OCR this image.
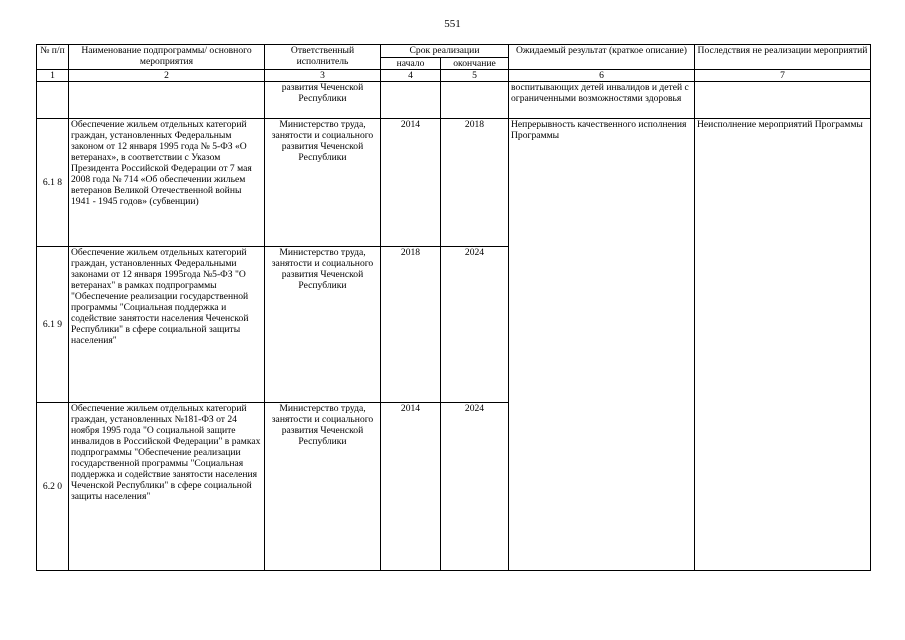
551
№ п/п	Наименование подпрограммы/ основного мероприятия	Ответственный исполнитель	Срок реализации		Ожидаемый результат (краткое описание)	Последствия не реализации мероприятий
			начало	окончание		
1	2	3	4	5	6	7
		развития Чеченской Республики			воспитывающих детей инвалидов и детей с ограниченными возможностями здоровья	
6.1 8	Обеспечение жильем отдельных категорий граждан, установленных Федеральным законом от 12 января 1995 года № 5-ФЗ «О ветеранах», в соответствии с Указом Президента Российской Федерации от 7 мая 2008 года № 714 «Об обеспечении жильем ветеранов Великой Отечественной войны 1941 - 1945 годов» (субвенции)	Министерство труда, занятости и социального развития Чеченской Республики	2014	2018	Непрерывность качественного исполнения Программы	Неисполнение мероприятий Программы
6.1 9	Обеспечение жильем отдельных категорий граждан, установленных Федеральными законами от 12 января 1995года №5-ФЗ "О ветеранах" в рамках подпрограммы "Обеспечение реализации государственной программы "Социальная поддержка и содействие занятости населения Чеченской Республики" в сфере социальной защиты населения"	Министерство труда, занятости и социального развития Чеченской Республики	2018	2024		
6.2 0	Обеспечение жильем отдельных категорий граждан, установленных №181-ФЗ от 24 ноября 1995 года "О социальной защите инвалидов в Российской Федерации" в рамках подпрограммы "Обеспечение реализации государственной программы "Социальная поддержка и содействие занятости населения Чеченской Республики" в сфере социальной защиты населения"	Министерство труда, занятости и социального развития Чеченской Республики	2014	2024		
